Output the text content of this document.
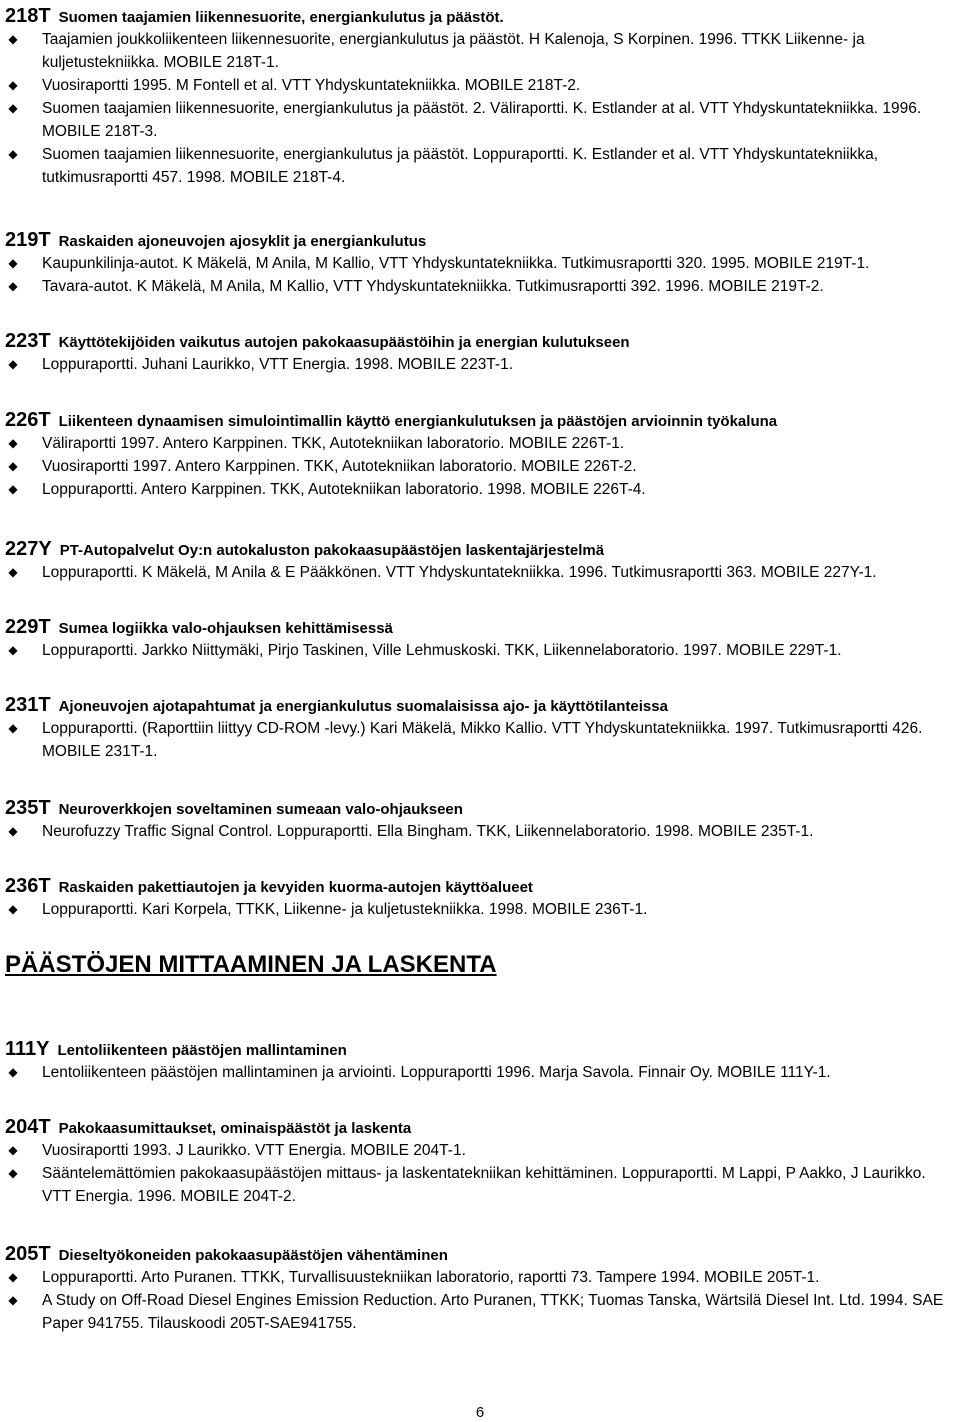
218T Suomen taajamien liikennesuorite, energiankulutus ja päästöt.
◆ Taajamien joukkoliikenteen liikennesuorite, energiankulutus ja päästöt. H Kalenoja, S Korpinen. 1996. TTKK Liikenne- ja kuljetustekniikka. MOBILE 218T-1.
◆ Vuosiraportti 1995. M Fontell et al. VTT Yhdyskuntatekniikka. MOBILE 218T-2.
◆ Suomen taajamien liikennesuorite, energiankulutus ja päästöt. 2. Väliraportti. K. Estlander at al. VTT Yhdyskuntatekniikka. 1996. MOBILE 218T-3.
◆ Suomen taajamien liikennesuorite, energiankulutus ja päästöt. Loppuraportti. K. Estlander et al. VTT Yhdyskuntatekniikka, tutkimusraportti 457. 1998. MOBILE 218T-4.
219T Raskaiden ajoneuvojen ajosyklit ja energiankulutus
◆ Kaupunkilinja-autot. K Mäkelä, M Anila, M Kallio, VTT Yhdyskuntatekniikka. Tutkimusraportti 320. 1995. MOBILE 219T-1.
◆ Tavara-autot. K Mäkelä, M Anila, M Kallio, VTT Yhdyskuntatekniikka. Tutkimusraportti 392. 1996. MOBILE 219T-2.
223T Käyttötekijöiden vaikutus autojen pakokaasupäästöihin ja energian kulutukseen
◆ Loppuraportti. Juhani Laurikko, VTT Energia. 1998. MOBILE 223T-1.
226T Liikenteen dynaamisen simulointimallin käyttö energiankulutuksen ja päästöjen arvioinnin työkaluna
◆ Väliraportti 1997. Antero Karppinen. TKK, Autotekniikan laboratorio. MOBILE 226T-1.
◆ Vuosiraportti 1997. Antero Karppinen. TKK, Autotekniikan laboratorio. MOBILE 226T-2.
◆ Loppuraportti. Antero Karppinen. TKK, Autotekniikan laboratorio. 1998. MOBILE 226T-4.
227Y PT-Autopalvelut Oy:n autokaluston pakokaasupäästöjen laskentajärjestelmä
◆ Loppuraportti. K Mäkelä, M Anila & E Pääkkönen. VTT Yhdyskuntatekniikka. 1996. Tutkimusraportti 363. MOBILE 227Y-1.
229T Sumea logiikka valo-ohjauksen kehittämisessä
◆ Loppuraportti. Jarkko Niittymäki, Pirjo Taskinen, Ville Lehmuskoski. TKK, Liikennelaboratorio. 1997. MOBILE 229T-1.
231T Ajoneuvojen ajotapahtumat ja energiankulutus suomalaisissa ajo- ja käyttötilanteissa
◆ Loppuraportti. (Raporttiin liittyy CD-ROM -levy.) Kari Mäkelä, Mikko Kallio. VTT Yhdyskuntatekniikka. 1997. Tutkimusraportti 426. MOBILE 231T-1.
235T Neuroverkkojen soveltaminen sumeaan valo-ohjaukseen
◆ Neurofuzzy Traffic Signal Control. Loppuraportti. Ella Bingham. TKK, Liikennelaboratorio. 1998. MOBILE 235T-1.
236T Raskaiden pakettiautojen ja kevyiden kuorma-autojen käyttöalueet
◆ Loppuraportti. Kari Korpela, TTKK, Liikenne- ja kuljetustekniikka. 1998. MOBILE 236T-1.
PÄÄSTÖJEN MITTAAMINEN JA LASKENTA
111Y Lentoliikenteen päästöjen mallintaminen
◆ Lentoliikenteen päästöjen mallintaminen ja arviointi. Loppuraportti 1996. Marja Savola. Finnair Oy. MOBILE 111Y-1.
204T Pakokaasumittaukset, ominaispäästöt ja laskenta
◆ Vuosiraportti 1993. J Laurikko. VTT Energia. MOBILE 204T-1.
◆ Sääntelemättömien pakokaasupäästöjen mittaus- ja laskentatekniikan kehittäminen. Loppuraportti. M Lappi, P Aakko, J Laurikko. VTT Energia. 1996. MOBILE 204T-2.
205T Dieseltyökoneiden pakokaasupäästöjen vähentäminen
◆ Loppuraportti. Arto Puranen. TTKK, Turvallisuustekniikan laboratorio, raportti 73. Tampere 1994. MOBILE 205T-1.
◆ A Study on Off-Road Diesel Engines Emission Reduction. Arto Puranen, TTKK; Tuomas Tanska, Wärtsilä Diesel Int. Ltd. 1994. SAE Paper 941755. Tilauskoodi 205T-SAE941755.
6
